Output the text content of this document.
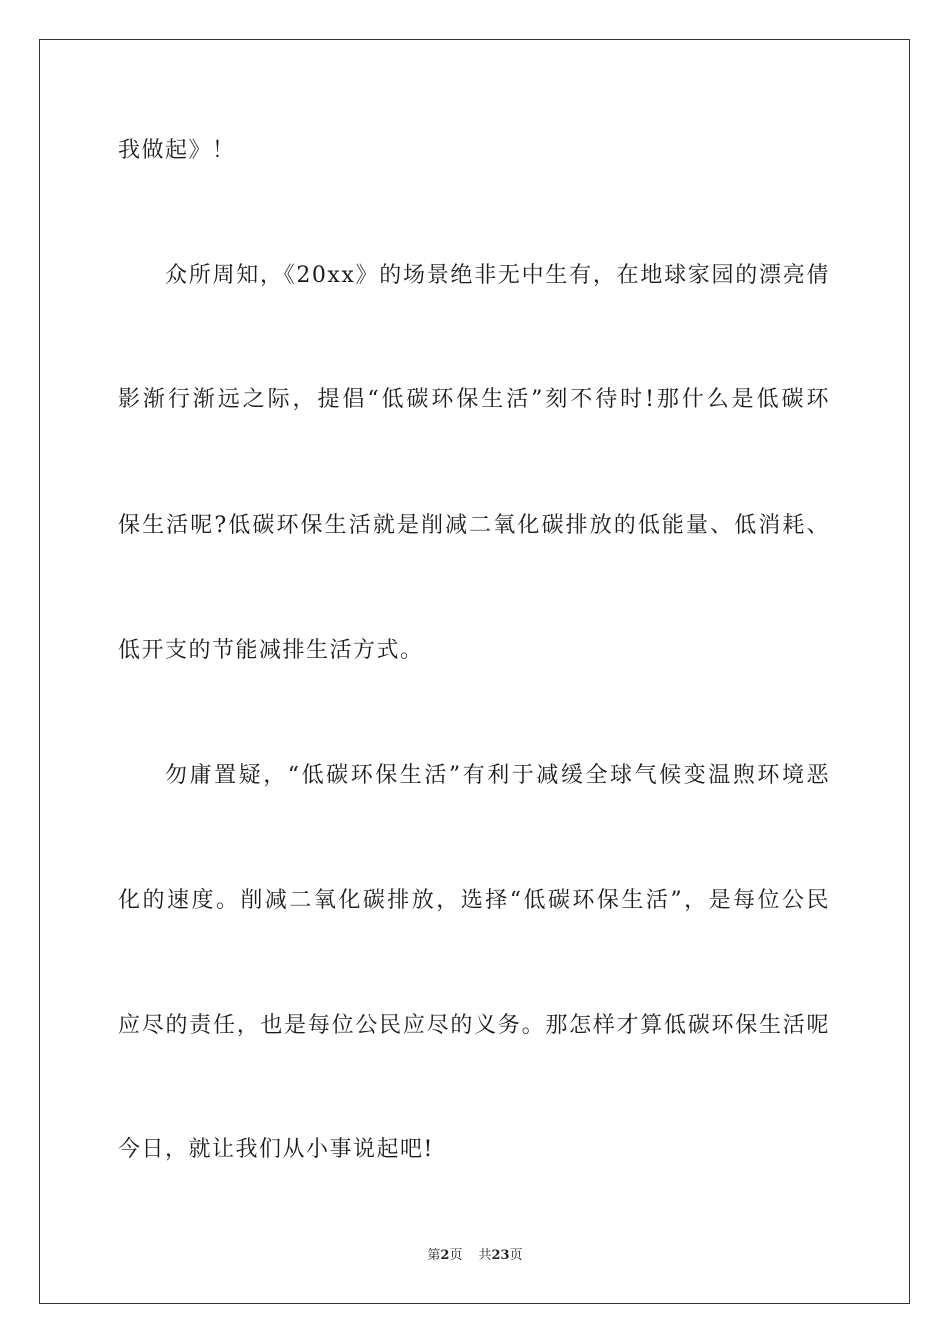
我做起》！
众所周知，《20xx》的场景绝非无中生有，在地球家园的漂亮倩
影渐行渐远之际，提倡“低碳环保生活”刻不待时!那什么是低碳环
保生活呢?低碳环保生活就是削减二氧化碳排放的低能量、低消耗、
低开支的节能减排生活方式。
勿庸置疑，“低碳环保生活”有利于减缓全球气候变温煦环境恶
化的速度。削减二氧化碳排放，选择“低碳环保生活”，是每位公民
应尽的责任，也是每位公民应尽的义务。那怎样才算低碳环保生活呢
今日，就让我们从小事说起吧!
第2页 共23页
